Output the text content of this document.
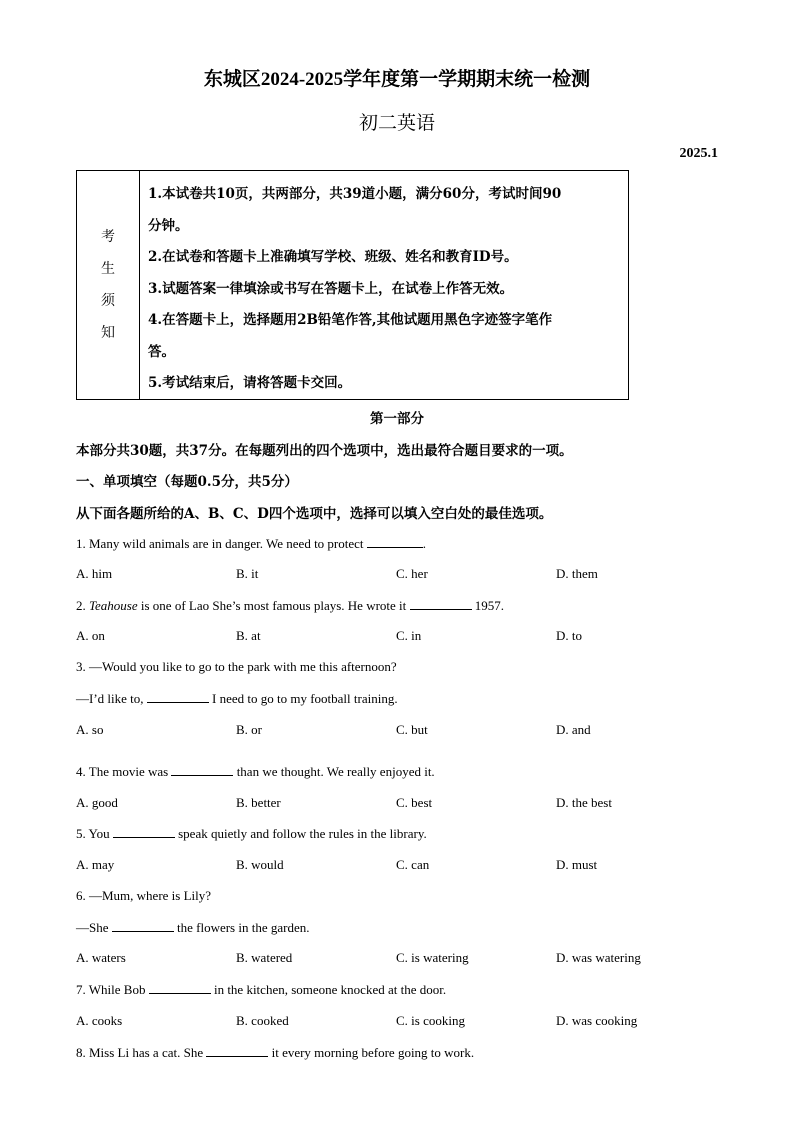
东城区2024-2025学年度第一学期期末统一检测
初二英语
2025.1
考
生
须
知
1.本试卷共10页，共两部分，共39道小题，满分60分，考试时间90
分钟。
2.在试卷和答题卡上准确填写学校、班级、姓名和教育ID号。
3.试题答案一律填涂或书写在答题卡上，在试卷上作答无效。
4.在答题卡上，选择题用2B铅笔作答,其他试题用黑色字迹签字笔作
答。
5.考试结束后，请将答题卡交回。
第一部分
本部分共30题，共37分。在每题列出的四个选项中，选出最符合题目要求的一项。
一、单项填空（每题0.5分，共5分）
从下面各题所给的A、B、C、D四个选项中，选择可以填入空白处的最佳选项。
1. Many wild animals are in danger. We need to protect	.
A. him	B. it	C. her	D. them
2. Teahouse is one of Lao She’s most famous plays. He wrote it	1957.
A. on	B. at	C. in	D. to
3. —Would you like to go to the park with me this afternoon?
—I’d like to,	I need to go to my football training.
A. so	B. or	C. but	D. and
4. The movie was	than we thought. We really enjoyed it.
A. good	B. better	C. best	D. the best
5. You	speak quietly and follow the rules in the library.
A. may	B. would	C. can	D. must
6. —Mum, where is Lily?
—She	the flowers in the garden.
A. waters	B. watered	C. is watering	D. was watering
7. While Bob	in the kitchen, someone knocked at the door.
A. cooks	B. cooked	C. is cooking	D. was cooking
8. Miss Li has a cat. She	it every morning before going to work.
